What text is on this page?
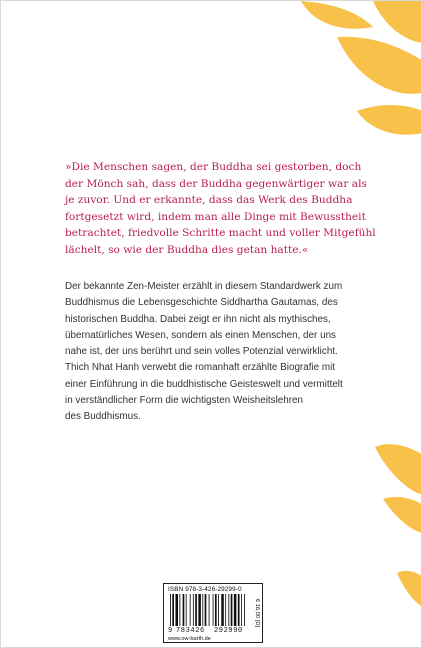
»Die Menschen sagen, der Buddha sei gestorben, doch

der Mönch sah, dass der Buddha gegenwärtiger war als

je zuvor. Und er erkannte, dass das Werk des Buddha

fortgesetzt wird, indem man alle Dinge mit Bewusstheit

betrachtet, friedvolle Schritte macht und voller Mitgefühl

lächelt, so wie der Buddha dies getan hatte.«

Der bekannte Zen-Meister erzählt in diesem Standardwerk zum

Buddhismus die Lebensgeschichte Siddhartha Gautamas, des

historischen Buddha. Dabei zeigt er ihn nicht als mythisches,

übernatürliches Wesen, sondern als einen Menschen, der uns

nahe ist, der uns berührt und sein volles Potenzial verwirklicht.

Thich Nhat Hanh verwebt die romanhaft erzählte Biografie mit

einer Einführung in die buddhistische Geisteswelt und vermittelt

in verständlicher Form die wichtigsten Weisheitslehren

des Buddhismus.

ISBN 978-3-426-29299-0
9 783426 292990
www.ow-barth.de
€ 16,00 [D]
